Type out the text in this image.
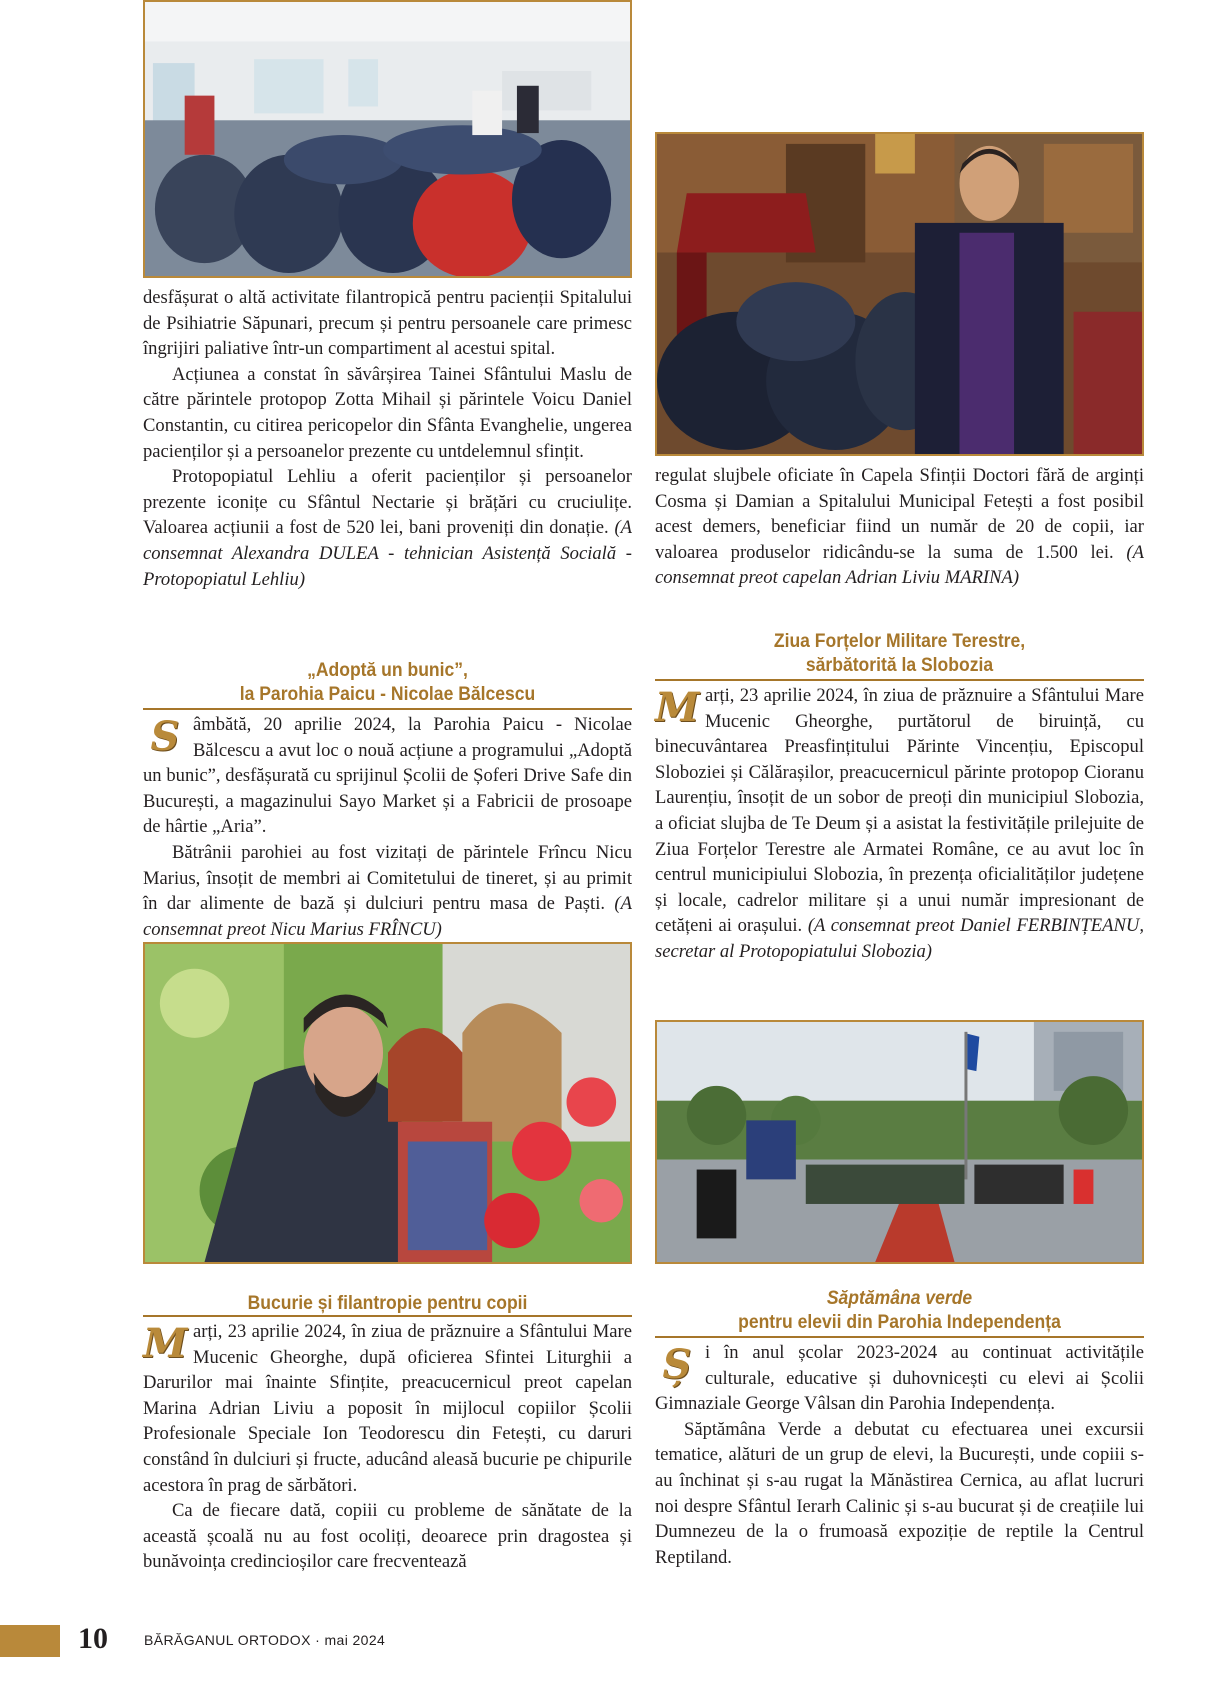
desfășurat o altă activitate filantropică pentru pacienții Spitalului de Psihiatrie Săpunari, precum și pentru persoanele care primesc îngrijiri paliative într-un compartiment al acestui spital.

Acțiunea a constat în săvârșirea Tainei Sfântului Maslu de către părintele protopop Zotta Mihail și părintele Voicu Daniel Constantin, cu citirea pericopelor din Sfânta Evanghelie, ungerea pacienților și a persoanelor prezente cu untdelemnul sfințit.

Protopopiatul Lehliu a oferit pacienților și persoanelor prezente iconițe cu Sfântul Nectarie și brățări cu cruciulițe. Valoarea acțiunii a fost de 520 lei, bani proveniți din donație. (A consemnat Alexandra DULEA - tehnician Asistență Socială - Protopopiatul Lehliu)

„Adoptă un bunic”,
la Parohia Paicu - Nicolae Bălcescu

Sâmbătă, 20 aprilie 2024, la Parohia Paicu - Nicolae Bălcescu a avut loc o nouă acțiune a programului „Adoptă un bunic”, desfășurată cu sprijinul Școlii de Șoferi Drive Safe din București, a magazinului Sayo Market și a Fabricii de prosoape de hârtie „Aria”.

Bătrânii parohiei au fost vizitați de părintele Frîncu Nicu Marius, însoțit de membri ai Comitetului de tineret, și au primit în dar alimente de bază și dulciuri pentru masa de Paști. (A consemnat preot Nicu Marius FRÎNCU)

Bucurie și filantropie pentru copii

Marți, 23 aprilie 2024, în ziua de prăznuire a Sfântului Mare Mucenic Gheorghe, după oficierea Sfintei Liturghii a Darurilor mai înainte Sfințite, preacucernicul preot capelan Marina Adrian Liviu a poposit în mijlocul copiilor Școlii Profesionale Speciale Ion Teodorescu din Fetești, cu daruri constând în dulciuri și fructe, aducând aleasă bucurie pe chipurile acestora în prag de sărbători.

Ca de fiecare dată, copiii cu probleme de sănătate de la această școală nu au fost ocoliți, deoarece prin dragostea și bunăvoința credincioșilor care frecventează

regulat slujbele oficiate în Capela Sfinții Doctori fără de arginți Cosma și Damian a Spitalului Municipal Fetești a fost posibil acest demers, beneficiar fiind un număr de 20 de copii, iar valoarea produselor ridicându-se la suma de 1.500 lei. (A consemnat preot capelan Adrian Liviu MARINA)

Ziua Forțelor Militare Terestre,
sărbătorită la Slobozia

Marți, 23 aprilie 2024, în ziua de prăznuire a Sfântului Mare Mucenic Gheorghe, purtătorul de biruință, cu binecuvântarea Preasfințitului Părinte Vincențiu, Episcopul Sloboziei și Călărașilor, preacucernicul părinte protopop Cioranu Laurențiu, însoțit de un sobor de preoți din municipiul Slobozia, a oficiat slujba de Te Deum și a asistat la festivitățile prilejuite de Ziua Forțelor Terestre ale Armatei Române, ce au avut loc în centrul municipiului Slobozia, în prezența oficialităților județene și locale, cadrelor militare și a unui număr impresionant de cetățeni ai orașului. (A consemnat preot Daniel FERBINȚEANU, secretar al Protopopiatului Slobozia)

Săptămâna verde
pentru elevii din Parohia Independența

Și în anul școlar 2023-2024 au continuat activitățile culturale, educative și duhovnicești cu elevi ai Școlii Gimnaziale George Vâlsan din Parohia Independența.

Săptămâna Verde a debutat cu efectuarea unei excursii tematice, alături de un grup de elevi, la București, unde copiii s-au închinat și s-au rugat la Mănăstirea Cernica, au aflat lucruri noi despre Sfântul Ierarh Calinic și s-au bucurat și de creațiile lui Dumnezeu de la o frumoasă expoziție de reptile la Centrul Reptiland.

10	BĂRĂGANUL ORTODOX · mai 2024
